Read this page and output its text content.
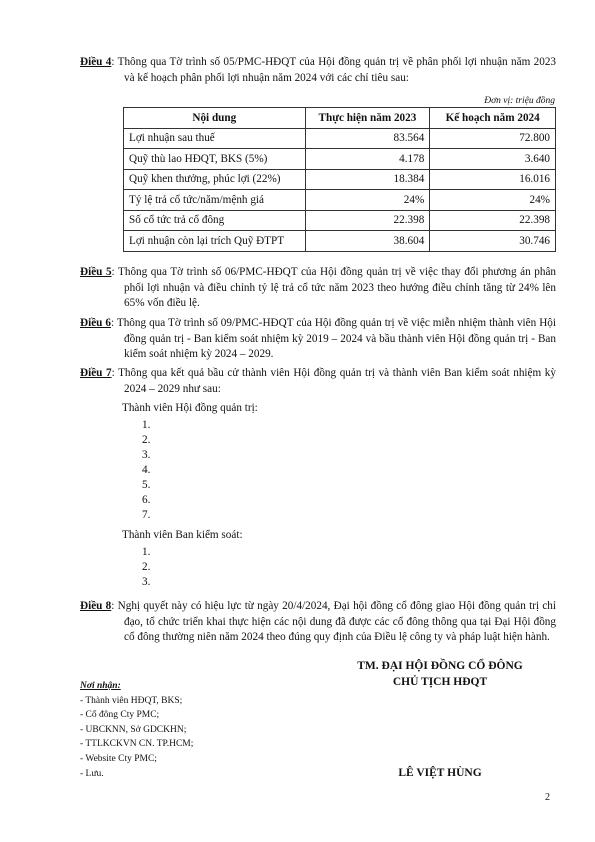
Điều 4: Thông qua Tờ trình số 05/PMC-HĐQT của Hội đồng quản trị về phân phối lợi nhuận năm 2023 và kế hoạch phân phối lợi nhuận năm 2024 với các chỉ tiêu sau:
Đơn vị: triệu đồng
Nội dung	Thực hiện năm 2023	Kế hoạch năm 2024
Lợi nhuận sau thuế	83.564	72.800
Quỹ thù lao HĐQT, BKS (5%)	4.178	3.640
Quỹ khen thưởng, phúc lợi (22%)	18.384	16.016
Tỷ lệ trả cổ tức/năm/mệnh giá	24%	24%
Số cổ tức trả cổ đông	22.398	22.398
Lợi nhuận còn lại trích Quỹ ĐTPT	38.604	30.746
Điều 5: Thông qua Tờ trình số 06/PMC-HĐQT của Hội đồng quản trị về việc thay đổi phương án phân phối lợi nhuận và điều chỉnh tỷ lệ trả cổ tức năm 2023 theo hướng điều chỉnh tăng từ 24% lên 65% vốn điều lệ.
Điều 6: Thông qua Tờ trình số 09/PMC-HĐQT của Hội đồng quản trị về việc miễn nhiệm thành viên Hội đồng quản trị - Ban kiểm soát nhiệm kỳ 2019 – 2024 và bầu thành viên Hội đồng quản trị - Ban kiểm soát nhiệm kỳ 2024 – 2029.
Điều 7: Thông qua kết quả bầu cử thành viên Hội đồng quản trị và thành viên Ban kiểm soát nhiệm kỳ 2024 – 2029 như sau:
Thành viên Hội đồng quản trị:
1.
2.
3.
4.
5.
6.
7.
Thành viên Ban kiểm soát:
1.
2.
3.
Điều 8: Nghị quyết này có hiệu lực từ ngày 20/4/2024, Đại hội đồng cổ đông giao Hội đồng quản trị chỉ đạo, tổ chức triển khai thực hiện các nội dung đã được các cổ đông thông qua tại Đại Hội đồng cổ đông thường niên năm 2024 theo đúng quy định của Điều lệ công ty và pháp luật hiện hành.
TM. ĐẠI HỘI ĐỒNG CỔ ĐÔNG
CHỦ TỊCH HĐQT
LÊ VIỆT HÙNG
Nơi nhận:
- Thành viên HĐQT, BKS;
- Cổ đông Cty PMC;
- UBCKNN, Sở GDCKHN;
- TTLKCKVN CN. TP.HCM;
- Website Cty PMC;
- Lưu.
2
